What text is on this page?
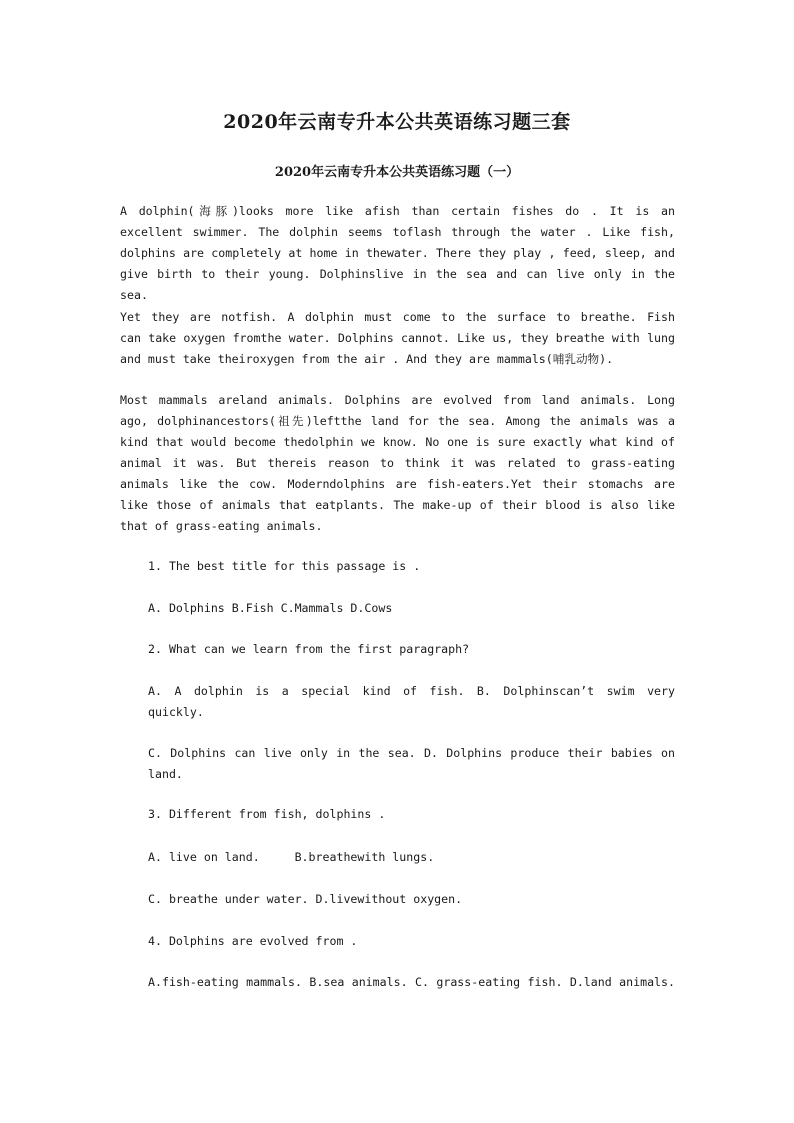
2020年云南专升本公共英语练习题三套
2020年云南专升本公共英语练习题（一）
A dolphin(海豚)looks more like afish than certain fishes do . It is an
excellent swimmer. The dolphin seems toflash through the water . Like fish,
dolphins are completely at home in thewater. There they play , feed, sleep, and
give birth to their young. Dolphinslive in the sea and can live only in the sea.
Yet they are notfish. A dolphin must come to the surface to breathe. Fish
can take oxygen fromthe water. Dolphins cannot. Like us, they breathe with lung
and must take theiroxygen from the air . And they are mammals(哺乳动物).
Most mammals areland animals. Dolphins are evolved from land animals. Long
ago, dolphinancestors(祖先)leftthe land for the sea. Among the animals was a
kind that would become thedolphin we know. No one is sure exactly what kind of
animal it was. But thereis reason to think it was related to grass-eating
animals like the cow. Moderndolphins are fish-eaters.Yet their stomachs are
like those of animals that eatplants. The make-up of their blood is also like
that of grass-eating animals.
1. The best title for this passage is .
A. Dolphins B.Fish C.Mammals D.Cows
2. What can we learn from the first paragraph?
A. A dolphin is a special kind of fish. B. Dolphinscan’t swim very
quickly.
C. Dolphins can live only in the sea. D. Dolphins produce their babies on
land.
3. Different from fish, dolphins .
A. live on land.     B.breathewith lungs.
C. breathe under water. D.livewithout oxygen.
4. Dolphins are evolved from .
A.fish-eating mammals. B.sea animals. C. grass-eating fish. D.land animals.
